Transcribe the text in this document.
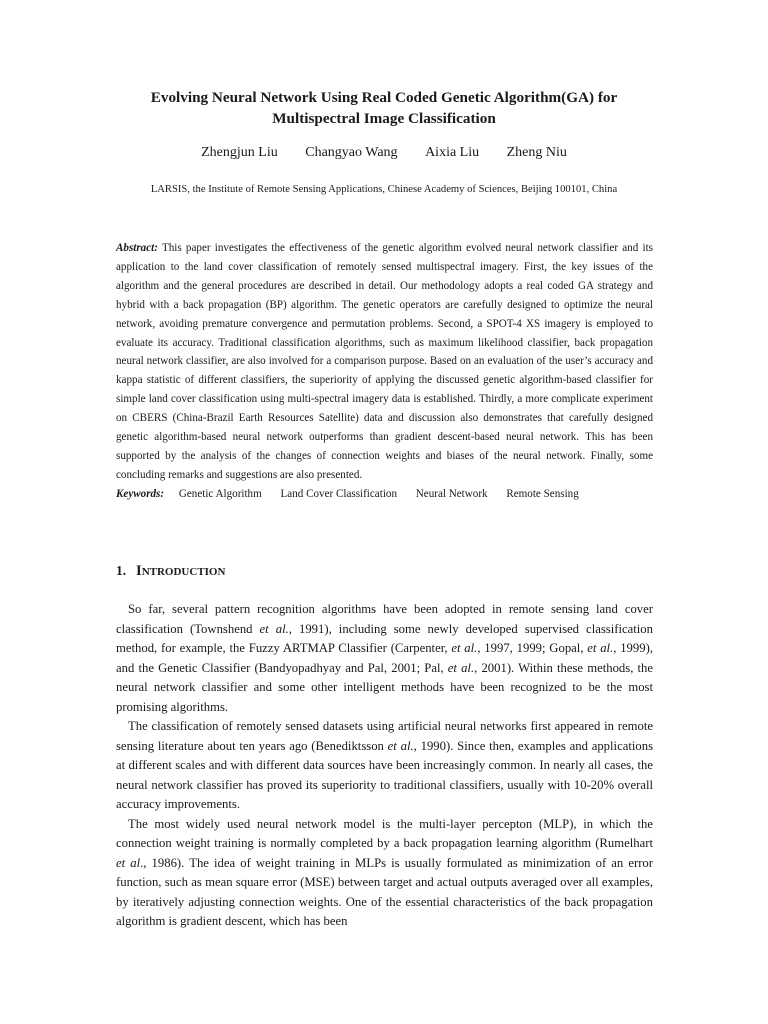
Evolving Neural Network Using Real Coded Genetic Algorithm(GA) for
Multispectral Image Classification
Zhengjun Liu Changyao Wang Aixia Liu Zheng Niu
LARSIS, the Institute of Remote Sensing Applications, Chinese Academy of Sciences, Beijing 100101, China

Abstract: This paper investigates the effectiveness of the genetic algorithm evolved neural network classifier and its application to the land cover classification of remotely sensed multispectral imagery. First, the key issues of the algorithm and the general procedures are described in detail. Our methodology adopts a real coded GA strategy and hybrid with a back propagation (BP) algorithm. The genetic operators are carefully designed to optimize the neural network, avoiding premature convergence and permutation problems. Second, a SPOT-4 XS imagery is employed to evaluate its accuracy. Traditional classification algorithms, such as maximum likelihood classifier, back propagation neural network classifier, are also involved for a comparison purpose. Based on an evaluation of the user’s accuracy and kappa statistic of different classifiers, the superiority of applying the discussed genetic algorithm-based classifier for simple land cover classification using multi-spectral imagery data is established. Thirdly, a more complicate experiment on CBERS (China-Brazil Earth Resources Satellite) data and discussion also demonstrates that carefully designed genetic algorithm-based neural network outperforms than gradient descent-based neural network. This has been supported by the analysis of the changes of connection weights and biases of the neural network. Finally, some concluding remarks and suggestions are also presented.

Keywords: Genetic Algorithm Land Cover Classification Neural Network Remote Sensing
1. INTRODUCTION

So far, several pattern recognition algorithms have been adopted in remote sensing land cover classification (Townshend et al., 1991), including some newly developed supervised classification method, for example, the Fuzzy ARTMAP Classifier (Carpenter, et al., 1997, 1999; Gopal, et al., 1999), and the Genetic Classifier (Bandyopadhyay and Pal, 2001; Pal, et al., 2001). Within these methods, the neural network classifier and some other intelligent methods have been recognized to be the most promising algorithms.

The classification of remotely sensed datasets using artificial neural networks first appeared in remote sensing literature about ten years ago (Benediktsson et al., 1990). Since then, examples and applications at different scales and with different data sources have been increasingly common. In nearly all cases, the neural network classifier has proved its superiority to traditional classifiers, usually with 10-20% overall accuracy improvements.

The most widely used neural network model is the multi-layer percepton (MLP), in which the connection weight training is normally completed by a back propagation learning algorithm (Rumelhart et al., 1986). The idea of weight training in MLPs is usually formulated as minimization of an error function, such as mean square error (MSE) between target and actual outputs averaged over all examples, by iteratively adjusting connection weights. One of the essential characteristics of the back propagation algorithm is gradient descent, which has been
